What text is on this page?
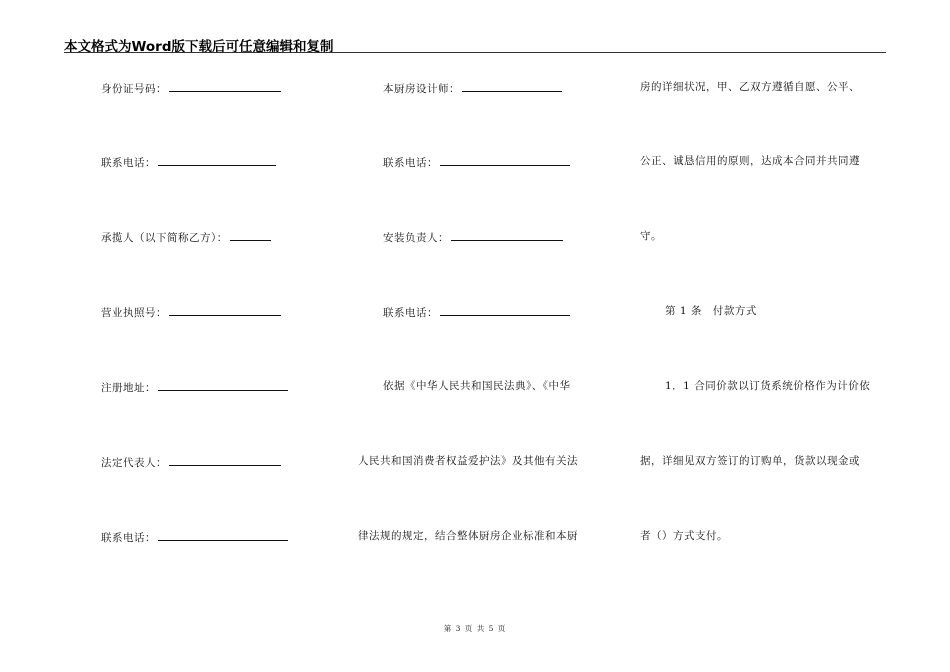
本文格式为Word版下载后可任意编辑和复制
身份证号码：
联系电话：
承揽人（以下简称乙方）：
营业执照号：
注册地址：
法定代表人：
联系电话：
本厨房设计师：
联系电话：
安装负责人：
联系电话：
依据《中华人民共和国民法典》、《中华
人民共和国消费者权益爱护法》及其他有关法
律法规的规定，结合整体厨房企业标准和本厨
房的详细状况，甲、乙双方遵循自愿、公平、
公正、诚恳信用的原则，达成本合同并共同遵
守。
第 1 条　付款方式
1．1 合同价款以订货系统价格作为计价依
据，详细见双方签订的订购单，货款以现金或
者（）方式支付。
第 3 页 共 5 页
